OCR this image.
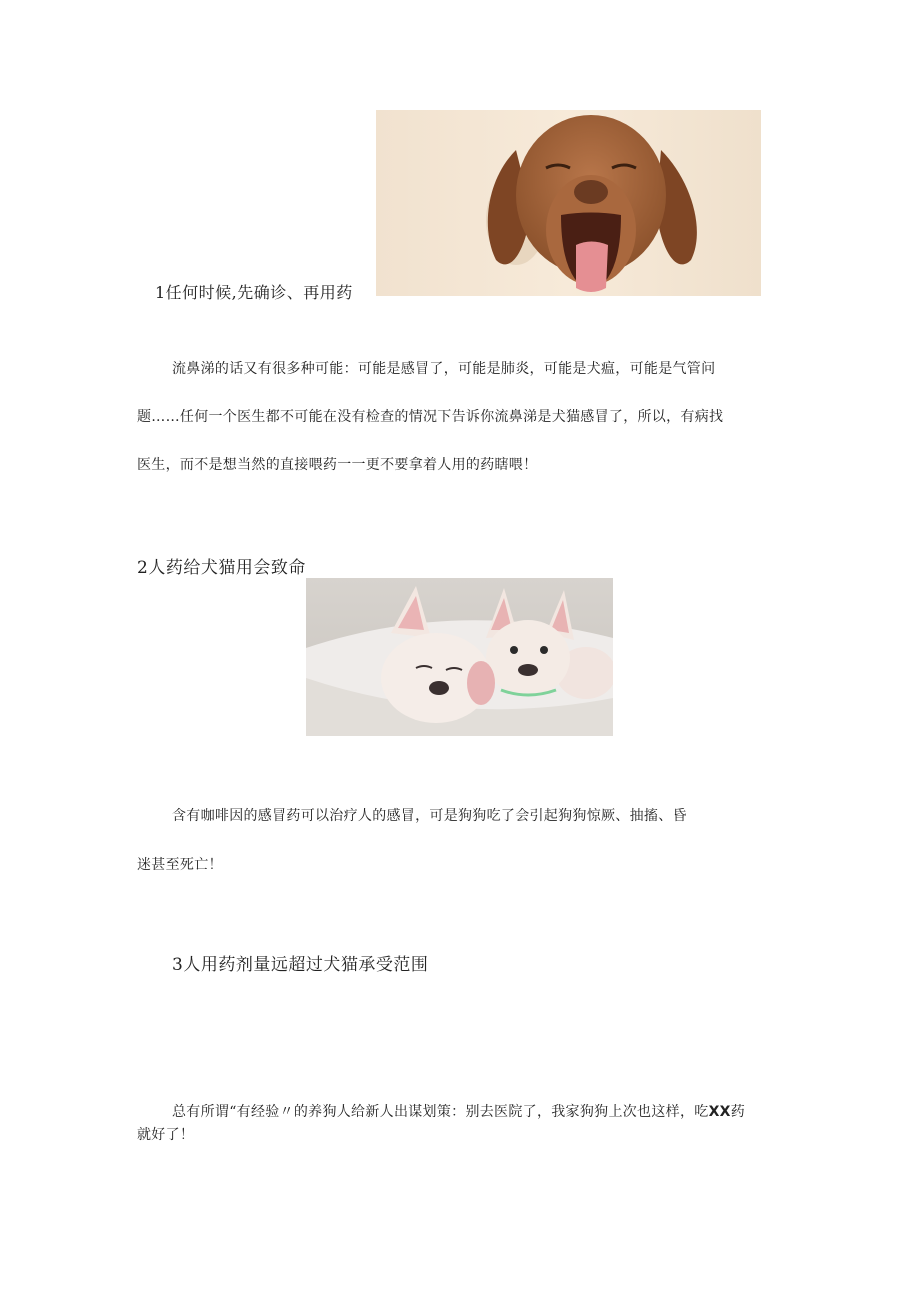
1任何时候,先确诊、再用药
流鼻涕的话又有很多种可能：可能是感冒了，可能是肺炎，可能是犬瘟，可能是气管问
题……任何一个医生都不可能在没有检查的情况下告诉你流鼻涕是犬猫感冒了，所以，有病找
医生，而不是想当然的直接喂药一一更不要拿着人用的药瞎喂！
2人药给犬猫用会致命
含有咖啡因的感冒药可以治疗人的感冒，可是狗狗吃了会引起狗狗惊厥、抽搐、昏
迷甚至死亡！
3人用药剂量远超过犬猫承受范围
总有所谓“有经验〃的养狗人给新人出谋划策：别去医院了，我家狗狗上次也这样，吃XX药
就好了！
